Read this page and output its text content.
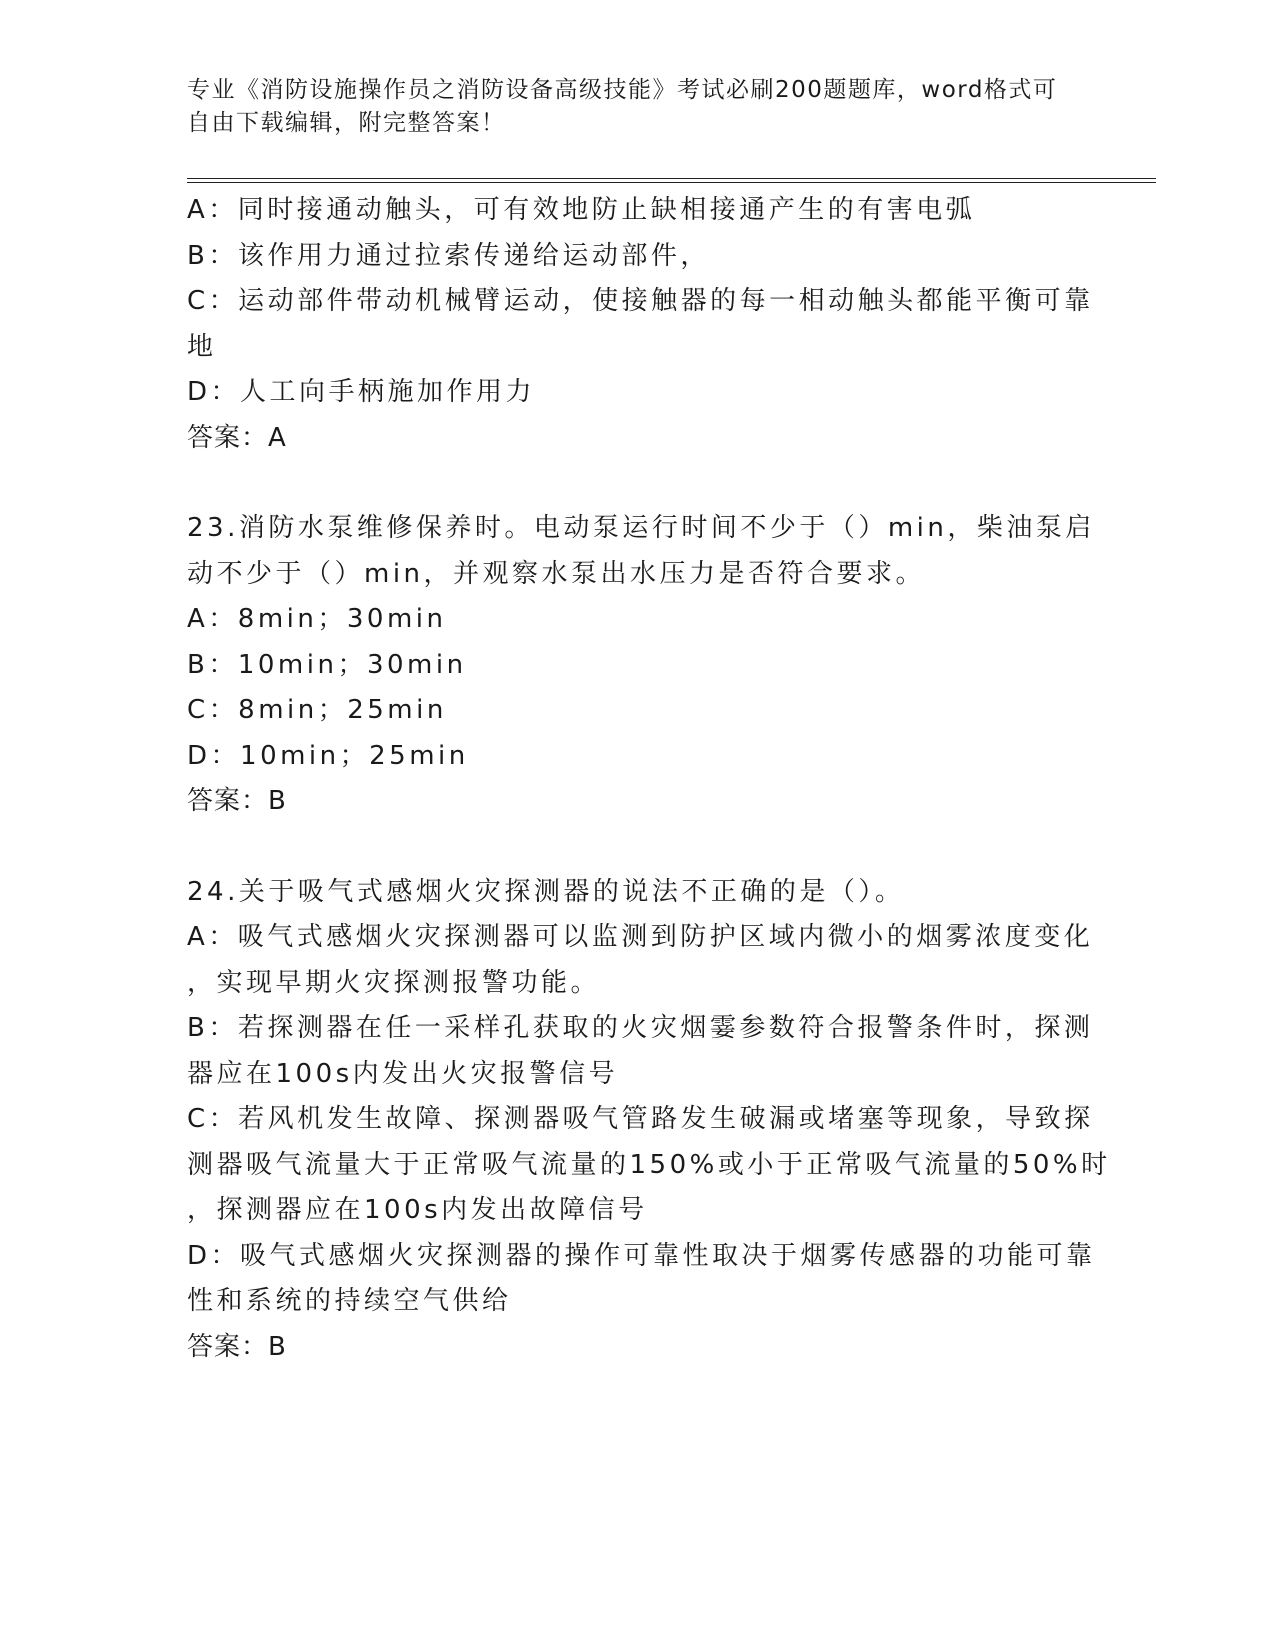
专业《消防设施操作员之消防设备高级技能》考试必刷200题题库，word格式可
自由下载编辑，附完整答案！
A：同时接通动触头，可有效地防止缺相接通产生的有害电弧
B：该作用力通过拉索传递给运动部件，
C：运动部件带动机械臂运动，使接触器的每一相动触头都能平衡可靠
地
D：人工向手柄施加作用力
答案：A
23.消防水泵维修保养时。电动泵运行时间不少于（）min，柴油泵启
动不少于（）min，并观察水泵出水压力是否符合要求。
A：8min；30min
B：10min；30min
C：8min；25min
D：10min；25min
答案：B
24.关于吸气式感烟火灾探测器的说法不正确的是（）。
A：吸气式感烟火灾探测器可以监测到防护区域内微小的烟雾浓度变化
，实现早期火灾探测报警功能。
B：若探测器在任一采样孔获取的火灾烟霎参数符合报警条件时，探测
器应在100s内发出火灾报警信号
C：若风机发生故障、探测器吸气管路发生破漏或堵塞等现象，导致探
测器吸气流量大于正常吸气流量的150%或小于正常吸气流量的50%时
，探测器应在100s内发出故障信号
D：吸气式感烟火灾探测器的操作可靠性取决于烟雾传感器的功能可靠
性和系统的持续空气供给
答案：B
